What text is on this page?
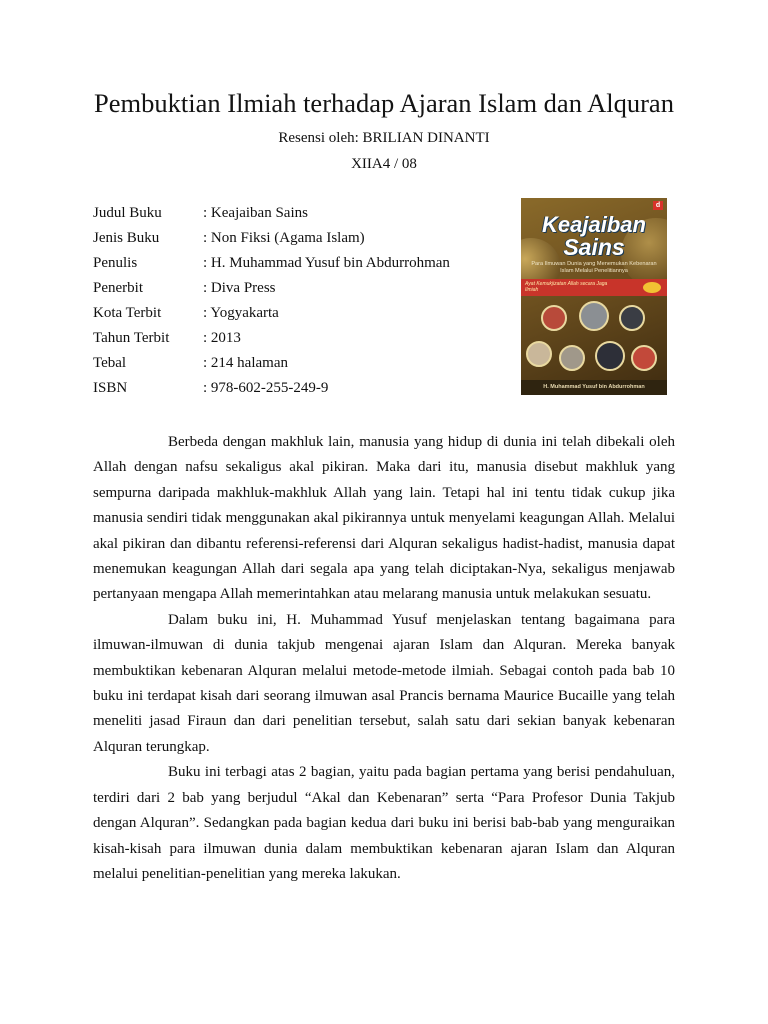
Pembuktian Ilmiah terhadap Ajaran Islam dan Alquran
Resensi oleh: BRILIAN DINANTI
XIIA4 / 08
Judul Buku	: Keajaiban Sains
Jenis Buku	: Non Fiksi (Agama Islam)
Penulis	: H. Muhammad Yusuf bin Abdurrohman
Penerbit	: Diva Press
Kota Terbit	: Yogyakarta
Tahun Terbit : 2013
Tebal	: 214 halaman
ISBN	: 978-602-255-249-9
d
Keajaiban
Sains
Para Ilmuwan Dunia yang Menemukan Kebenaran Islam Melalui Penelitiannya
Ayat Kemukjizatan Allah secara Jaga Ilmiah
H. Muhammad Yusuf bin Abdurrohman

Berbeda dengan makhluk lain, manusia yang hidup di dunia ini telah dibekali oleh Allah dengan nafsu sekaligus akal pikiran. Maka dari itu, manusia disebut makhluk yang sempurna daripada makhluk-makhluk Allah yang lain. Tetapi hal ini tentu tidak cukup jika manusia sendiri tidak menggunakan akal pikirannya untuk menyelami keagungan Allah. Melalui akal pikiran dan dibantu referensi-referensi dari Alquran sekaligus hadist-hadist, manusia dapat menemukan keagungan Allah dari segala apa yang telah diciptakan-Nya, sekaligus menjawab pertanyaan mengapa Allah memerintahkan atau melarang manusia untuk melakukan sesuatu.

Dalam buku ini, H. Muhammad Yusuf menjelaskan tentang bagaimana para ilmuwan-ilmuwan di dunia takjub mengenai ajaran Islam dan Alquran. Mereka banyak membuktikan kebenaran Alquran melalui metode-metode ilmiah. Sebagai contoh pada bab 10 buku ini terdapat kisah dari seorang ilmuwan asal Prancis bernama Maurice Bucaille yang telah meneliti jasad Firaun dan dari penelitian tersebut, salah satu dari sekian banyak kebenaran Alquran terungkap.

Buku ini terbagi atas 2 bagian, yaitu pada bagian pertama yang berisi pendahuluan, terdiri dari 2 bab yang berjudul “Akal dan Kebenaran” serta “Para Profesor Dunia Takjub dengan Alquran”. Sedangkan pada bagian kedua dari buku ini berisi bab-bab yang menguraikan kisah-kisah para ilmuwan dunia dalam membuktikan kebenaran ajaran Islam dan Alquran melalui penelitian-penelitian yang mereka lakukan.
